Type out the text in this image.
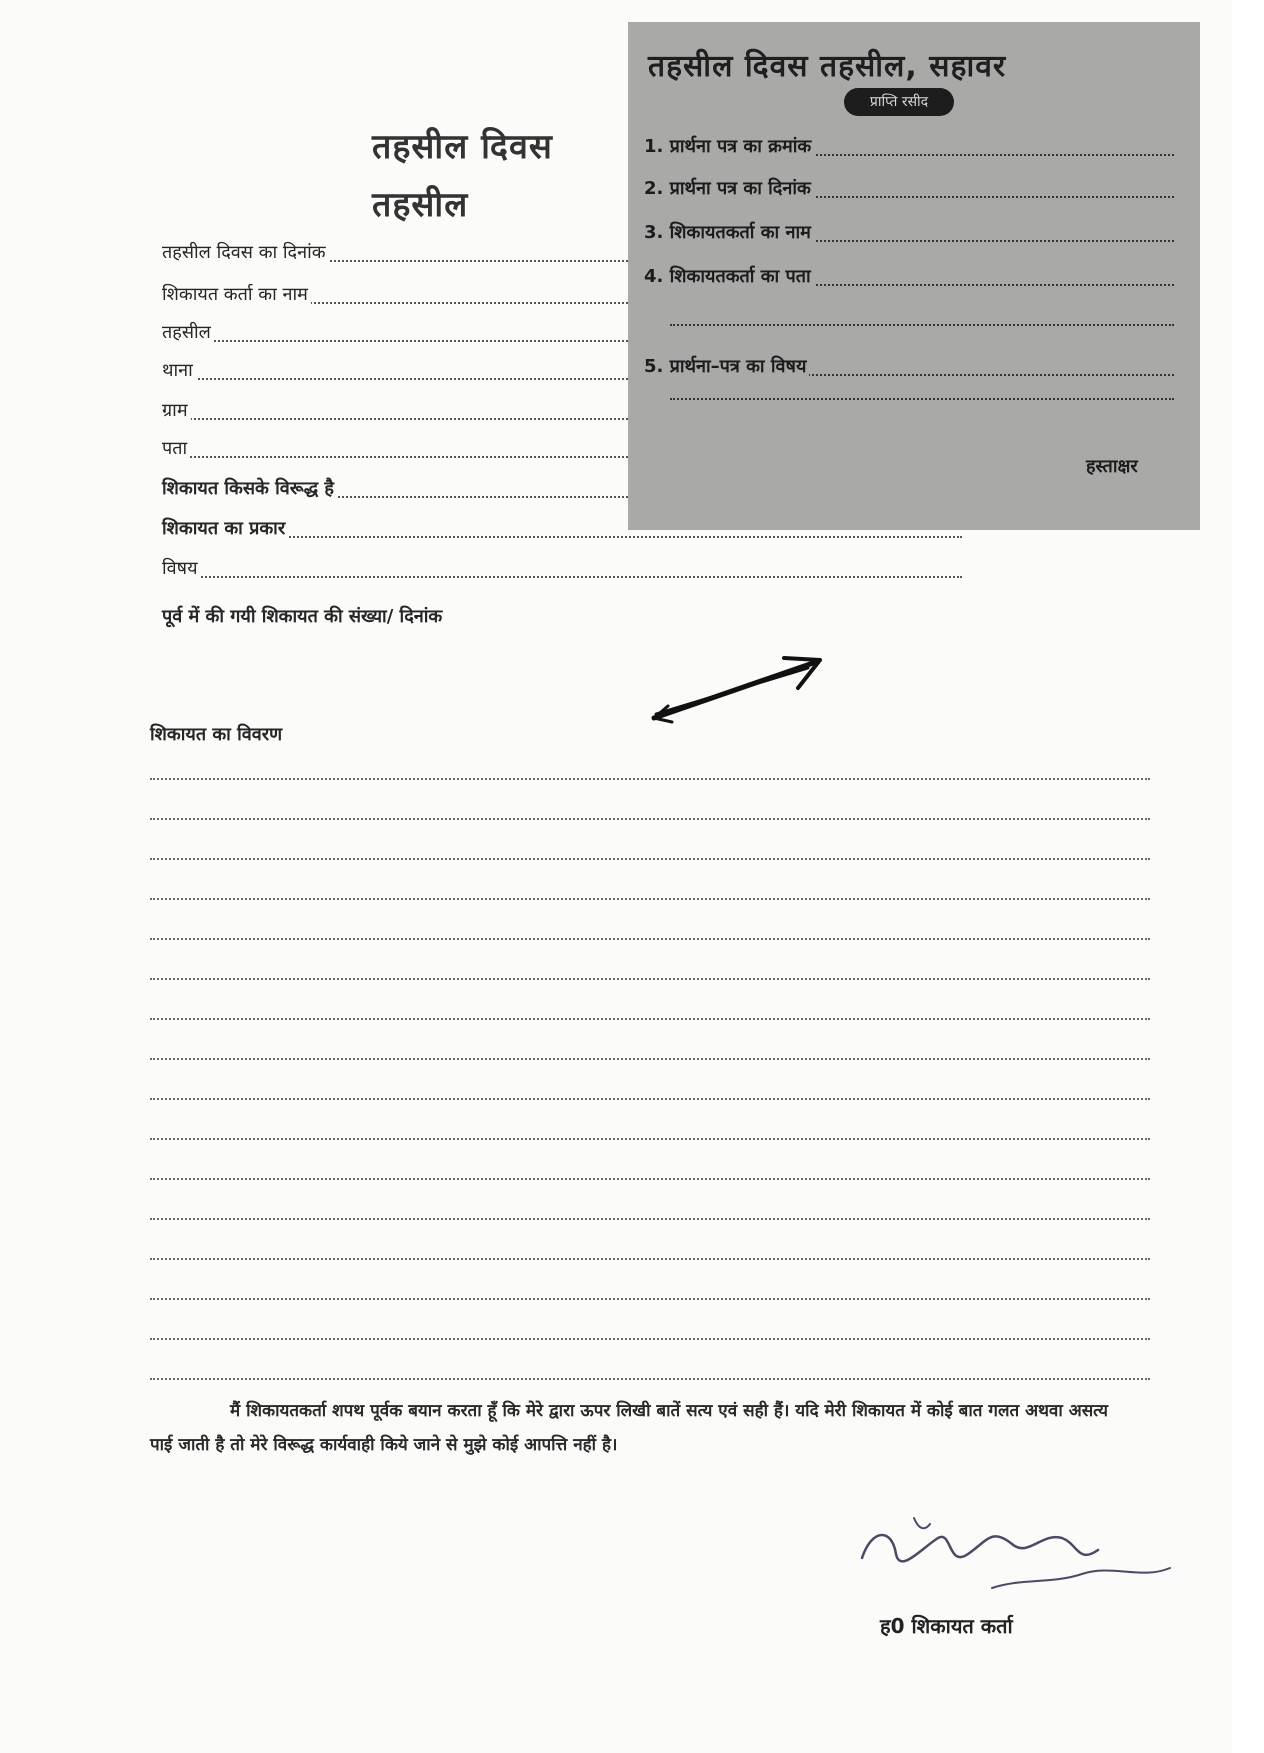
तहसील दिवस
तहसील
तहसील दिवस का दिनांक
शिकायत कर्ता का नाम
तहसील
थाना
ग्राम
पता
शिकायत किसके विरूद्ध है
शिकायत का प्रकार
विषय
पूर्व में की गयी शिकायत की संख्या/ दिनांक
शिकायत का विवरण
मैं शिकायतकर्ता शपथ पूर्वक बयान करता हूँ कि मेरे द्वारा ऊपर लिखी बातें सत्य एवं सही हैं। यदि मेरी शिकायत में कोई बात गलत अथवा असत्य पाई जाती है तो मेरे विरूद्ध कार्यवाही किये जाने से मुझे कोई आपत्ति नहीं है।
ह0 शिकायत कर्ता
तहसील दिवस तहसील, सहावर
प्राप्ति रसीद
1. प्रार्थना पत्र का क्रमांक
2. प्रार्थना पत्र का दिनांक
3. शिकायतकर्ता का नाम
4. शिकायतकर्ता का पता
5. प्रार्थना–पत्र का विषय
हस्ताक्षर
